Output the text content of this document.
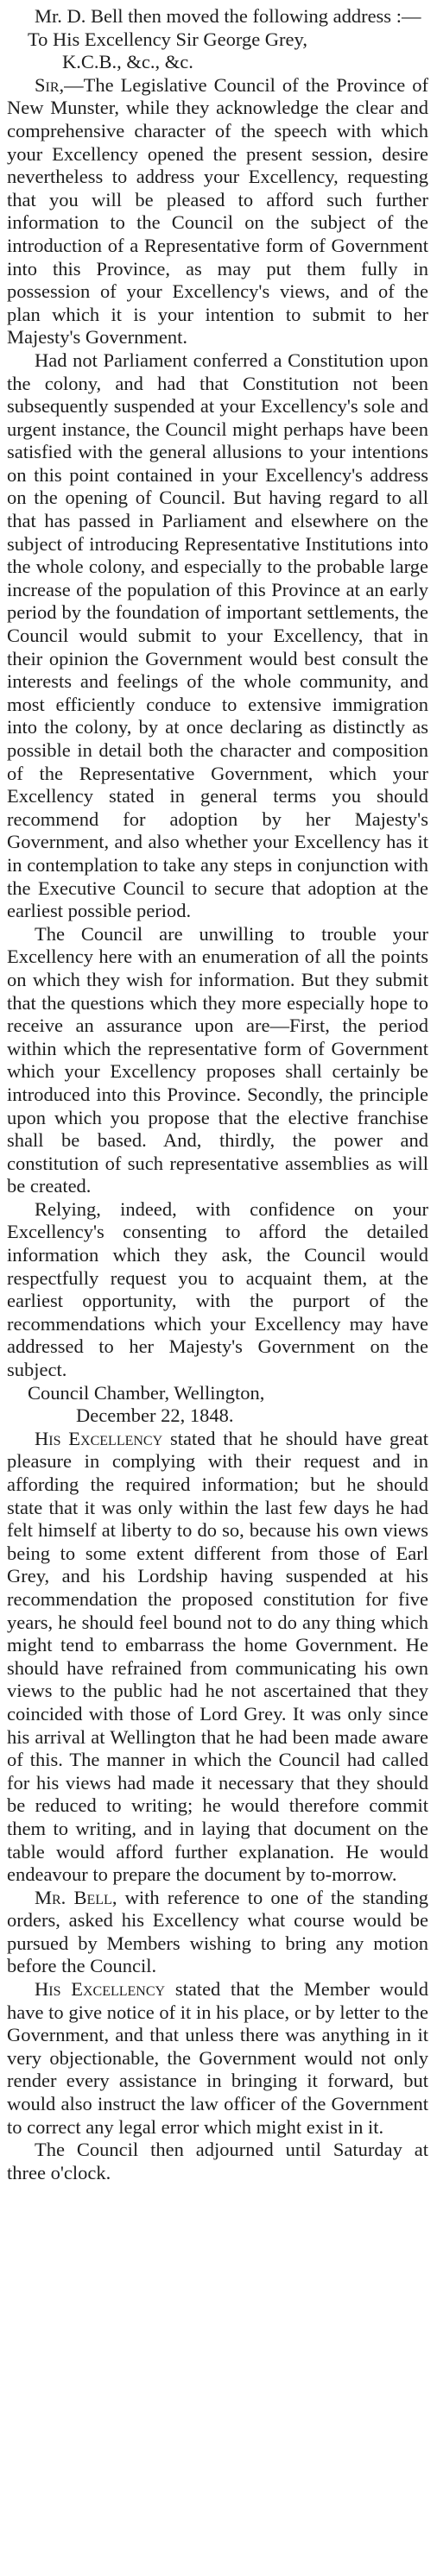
Mr. D. Bell then moved the following address :—

To His Excellency Sir George Grey,

K.C.B., &c., &c.

Sir,—The Legislative Council of the Province of New Munster, while they acknowledge the clear and comprehensive character of the speech with which your Excellency opened the present session, desire nevertheless to address your Excellency, requesting that you will be pleased to afford such further information to the Council on the subject of the introduction of a Representative form of Government into this Province, as may put them fully in possession of your Excellency's views, and of the plan which it is your intention to submit to her Majesty's Government.

Had not Parliament conferred a Constitution upon the colony, and had that Constitution not been subsequently suspended at your Excellency's sole and urgent instance, the Council might perhaps have been satisfied with the general allusions to your intentions on this point contained in your Excellency's address on the opening of Council. But having regard to all that has passed in Parliament and elsewhere on the subject of introducing Representative Institutions into the whole colony, and especially to the probable large increase of the population of this Province at an early period by the foundation of important settlements, the Council would submit to your Excellency, that in their opinion the Government would best consult the interests and feelings of the whole community, and most efficiently conduce to extensive immigration into the colony, by at once declaring as distinctly as possible in detail both the character and composition of the Representative Government, which your Excellency stated in general terms you should recommend for adoption by her Majesty's Government, and also whether your Excellency has it in contemplation to take any steps in conjunction with the Executive Council to secure that adoption at the earliest possible period.

The Council are unwilling to trouble your Excellency here with an enumeration of all the points on which they wish for information. But they submit that the questions which they more especially hope to receive an assurance upon are—First, the period within which the representative form of Government which your Excellency proposes shall certainly be introduced into this Province. Secondly, the principle upon which you propose that the elective franchise shall be based. And, thirdly, the power and constitution of such representative assemblies as will be created.

Relying, indeed, with confidence on your Excellency's consenting to afford the detailed information which they ask, the Council would respectfully request you to acquaint them, at the earliest opportunity, with the purport of the recommendations which your Excellency may have addressed to her Majesty's Government on the subject.

Council Chamber, Wellington,

December 22, 1848.

His Excellency stated that he should have great pleasure in complying with their request and in affording the required information; but he should state that it was only within the last few days he had felt himself at liberty to do so, because his own views being to some extent different from those of Earl Grey, and his Lordship having suspended at his recommendation the proposed constitution for five years, he should feel bound not to do any thing which might tend to embarrass the home Government. He should have refrained from communicating his own views to the public had he not ascertained that they coincided with those of Lord Grey. It was only since his arrival at Wellington that he had been made aware of this. The manner in which the Council had called for his views had made it necessary that they should be reduced to writing; he would therefore commit them to writing, and in laying that document on the table would afford further explanation. He would endeavour to prepare the document by to-morrow.

Mr. Bell, with reference to one of the standing orders, asked his Excellency what course would be pursued by Members wishing to bring any motion before the Council.

His Excellency stated that the Member would have to give notice of it in his place, or by letter to the Government, and that unless there was anything in it very objectionable, the Government would not only render every assistance in bringing it forward, but would also instruct the law officer of the Government to correct any legal error which might exist in it.

The Council then adjourned until Saturday at three o'clock.
